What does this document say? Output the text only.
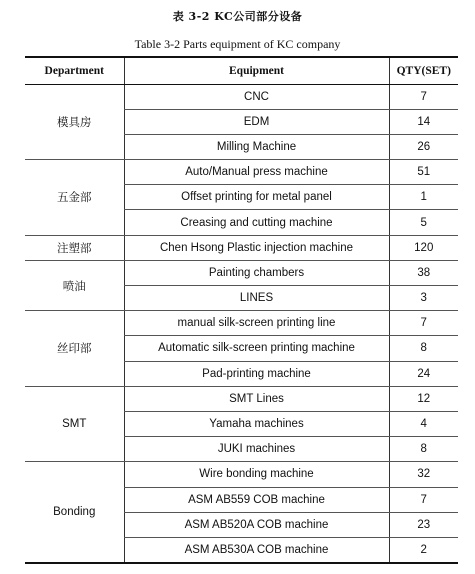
表 3-2 KC公司部分设备
Table 3-2 Parts equipment of KC company
Department	Equipment	QTY(SET)
模具房	CNC	7
	EDM	14
	Milling Machine	26
五金部	Auto/Manual press machine	51
	Offset printing for metal panel	1
	Creasing and cutting machine	5
注塑部	Chen Hsong Plastic injection machine	120
喷油	Painting chambers	38
	LINES	3
丝印部	manual silk-screen printing line	7
	Automatic silk-screen printing machine	8
	Pad-printing machine	24
SMT	SMT Lines	12
	Yamaha machines	4
	JUKI machines	8
Bonding	Wire bonding machine	32
	ASM AB559 COB machine	7
	ASM AB520A COB machine	23
	ASM AB530A COB machine	2
